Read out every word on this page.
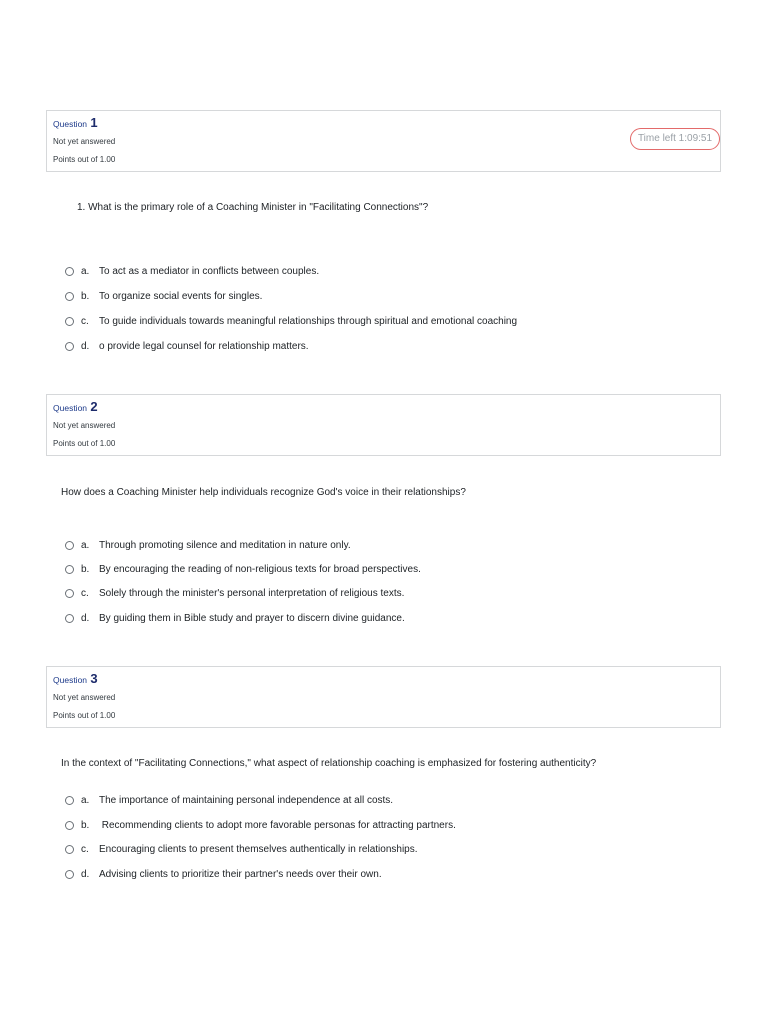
Question 1
Not yet answered
Points out of 1.00
Time left 1:09:51
1. What is the primary role of a Coaching Minister in "Facilitating Connections"?
a. To act as a mediator in conflicts between couples.
b. To organize social events for singles.
c.	To guide individuals towards meaningful relationships through spiritual and emotional coaching
d. o provide legal counsel for relationship matters.
Question 2
Not yet answered
Points out of 1.00
How does a Coaching Minister help individuals recognize God's voice in their relationships?
a. Through promoting silence and meditation in nature only.
b. By encouraging the reading of non-religious texts for broad perspectives.
c.	Solely through the minister's personal interpretation of religious texts.
d. By guiding them in Bible study and prayer to discern divine guidance.
Question 3
Not yet answered
Points out of 1.00
In the context of "Facilitating Connections," what aspect of relationship coaching is emphasized for fostering authenticity?
a. The importance of maintaining personal independence at all costs.
b. Recommending clients to adopt more favorable personas for attracting partners.
c.	Encouraging clients to present themselves authentically in relationships.
d. Advising clients to prioritize their partner's needs over their own.
